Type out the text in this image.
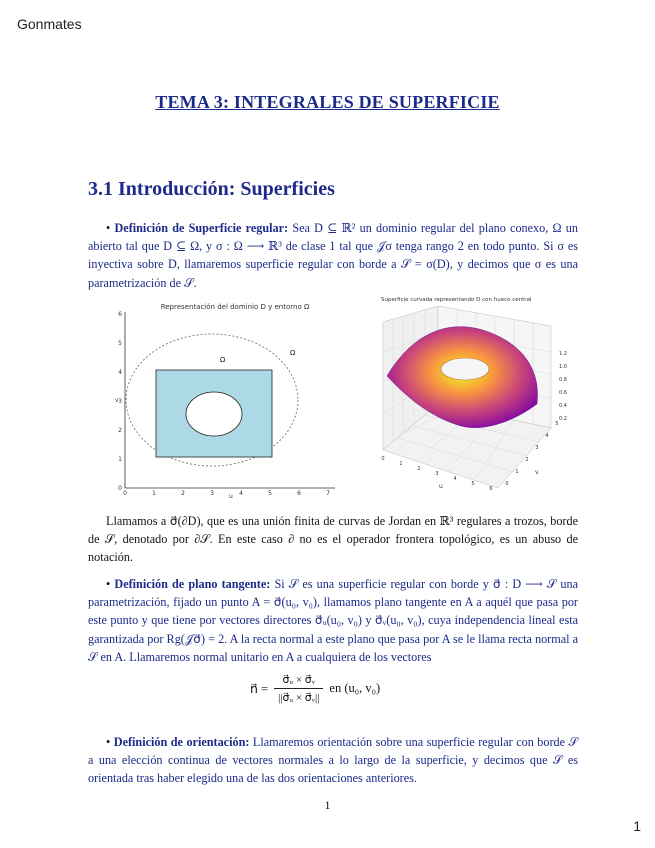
Gonmates
1
TEMA 3: INTEGRALES DE SUPERFICIE
3.1 Introducción: Superficies
• Definición de Superficie regular: Sea D ⊆ ℝ² un dominio regular del plano conexo, Ω un abierto tal que D ⊆ Ω, y σ : Ω ⟶ ℝ³ de clase 1 tal que 𝒥σ tenga rango 2 en todo punto. Si σ es inyectiva sobre D, llamaremos superficie regular con borde a 𝒮 = σ(D), y decimos que σ es una parametrización de 𝒮.
Representación del dominio D y entorno Ω
0	1	2	3	4	5	6	7
0
1
2
3
4
5
6
Ω
Ω
u
v
Superficie curvada representando D con hueco central
0.2
0.4
0.6
0.8
1.0
1.2
0
1
2
3
4
5
6
0
1
2
3
4
5
u
v
Llamamos a σ⃗(∂D), que es una unión finita de curvas de Jordan en ℝ³ regulares a trozos, borde de 𝒮, denotado por ∂𝒮. En este caso ∂ no es el operador frontera topológico, es un abuso de notación.
• Definición de plano tangente: Si 𝒮 es una superficie regular con borde y σ⃗ : D ⟶ 𝒮 una parametrización, fijado un punto A = σ⃗(u₀, v₀), llamamos plano tangente en A a aquél que pasa por este punto y que tiene por vectores directores σ⃗ᵤ(u₀, v₀) y σ⃗ᵥ(u₀, v₀), cuya independencia lineal esta garantizada por Rg(𝒥σ⃗) = 2. A la recta normal a este plano que pasa por A se le llama recta normal a 𝒮 en A. Llamaremos normal unitario en A a cualquiera de los vectores
n⃗ = $\frac{\text{σ⃗ᵤ × σ⃗ᵥ}}{\text{||σ⃗ᵤ × σ⃗ᵥ||}}$ en (u₀, v₀)
• Definición de orientación: Llamaremos orientación sobre una superficie regular con borde 𝒮 a una elección continua de vectores normales a lo largo de la superficie, y decimos que 𝒮 es orientada tras haber elegido una de las dos orientaciones anteriores.
1
